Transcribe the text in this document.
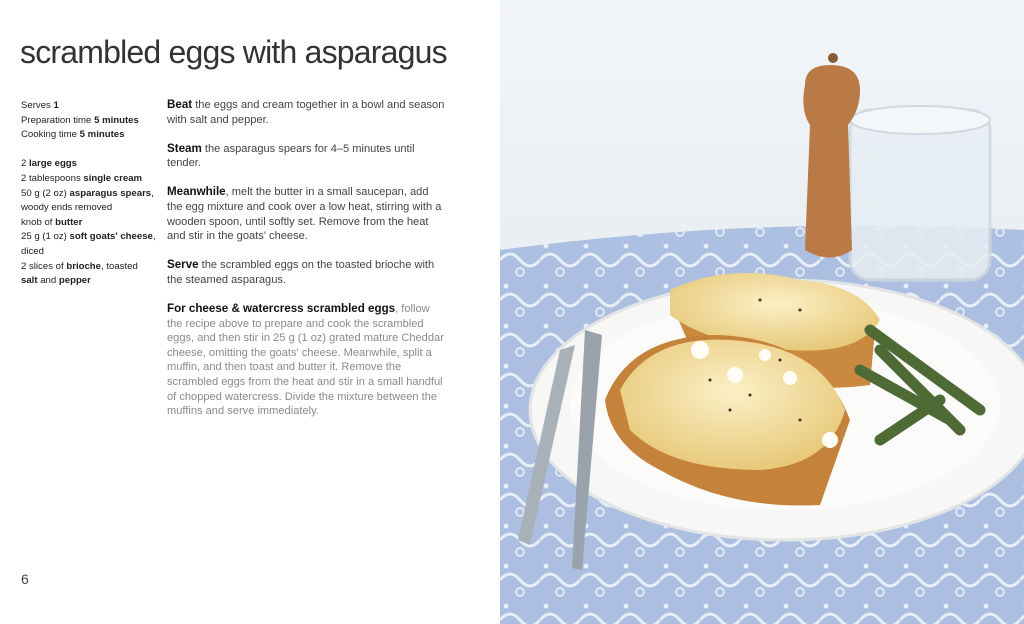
scrambled eggs with asparagus

Serves 1

Preparation time 5 minutes

Cooking time 5 minutes

2 large eggs

2 tablespoons single cream

50 g (2 oz) asparagus spears, woody ends removed

knob of butter

25 g (1 oz) soft goats' cheese, diced

2 slices of brioche, toasted

salt and pepper

Beat the eggs and cream together in a bowl and season with salt and pepper.

Steam the asparagus spears for 4–5 minutes until tender.

Meanwhile, melt the butter in a small saucepan, add the egg mixture and cook over a low heat, stirring with a wooden spoon, until softly set. Remove from the heat and stir in the goats' cheese.

Serve the scrambled eggs on the toasted brioche with the steamed asparagus.

For cheese & watercress scrambled eggs, follow the recipe above to prepare and cook the scrambled eggs, and then stir in 25 g (1 oz) grated mature Cheddar cheese, omitting the goats' cheese. Meanwhile, split a muffin, and then toast and butter it. Remove the scrambled eggs from the heat and stir in a small handful of chopped watercress. Divide the mixture between the muffins and serve immediately.

6
